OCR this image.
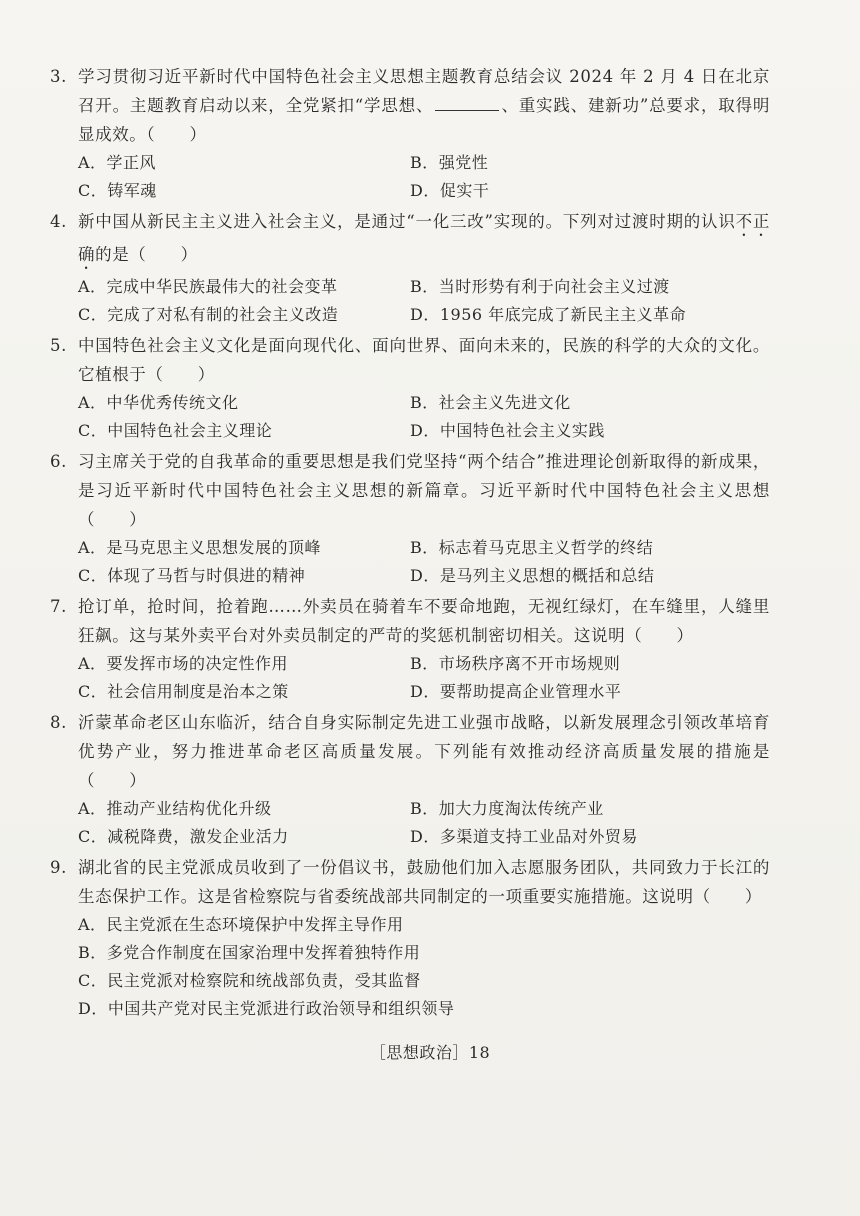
3. 学习贯彻习近平新时代中国特色社会主义思想主题教育总结会议 2024 年 2 月 4 日在北京召开。主题教育启动以来，全党紧扣“学思想、	、重实践、建新功”总要求，取得明显成效。（　　）
A．学正风	B．强党性
C．铸军魂	D．促实干
4. 新中国从新民主主义进入社会主义，是通过“一化三改”实现的。下列对过渡时期的认识不正确的是（　　）
A．完成中华民族最伟大的社会变革	B．当时形势有利于向社会主义过渡
C．完成了对私有制的社会主义改造	D．1956 年底完成了新民主主义革命
5. 中国特色社会主义文化是面向现代化、面向世界、面向未来的，民族的科学的大众的文化。它植根于（　　）
A．中华优秀传统文化	B．社会主义先进文化
C．中国特色社会主义理论	D．中国特色社会主义实践
6. 习主席关于党的自我革命的重要思想是我们党坚持“两个结合”推进理论创新取得的新成果，是习近平新时代中国特色社会主义思想的新篇章。习近平新时代中国特色社会主义思想（　　）
A．是马克思主义思想发展的顶峰	B．标志着马克思主义哲学的终结
C．体现了马哲与时俱进的精神	D．是马列主义思想的概括和总结
7. 抢订单，抢时间，抢着跑……外卖员在骑着车不要命地跑，无视红绿灯，在车缝里，人缝里狂飙。这与某外卖平台对外卖员制定的严苛的奖惩机制密切相关。这说明（　　）
A．要发挥市场的决定性作用	B．市场秩序离不开市场规则
C．社会信用制度是治本之策	D．要帮助提高企业管理水平
8. 沂蒙革命老区山东临沂，结合自身实际制定先进工业强市战略，以新发展理念引领改革培育优势产业，努力推进革命老区高质量发展。下列能有效推动经济高质量发展的措施是（　　）
A．推动产业结构优化升级	B．加大力度淘汰传统产业
C．减税降费，激发企业活力	D．多渠道支持工业品对外贸易
9. 湖北省的民主党派成员收到了一份倡议书，鼓励他们加入志愿服务团队，共同致力于长江的生态保护工作。这是省检察院与省委统战部共同制定的一项重要实施措施。这说明（　　）
A．民主党派在生态环境保护中发挥主导作用
B．多党合作制度在国家治理中发挥着独特作用
C．民主党派对检察院和统战部负责，受其监督
D．中国共产党对民主党派进行政治领导和组织领导
［思想政治］18
